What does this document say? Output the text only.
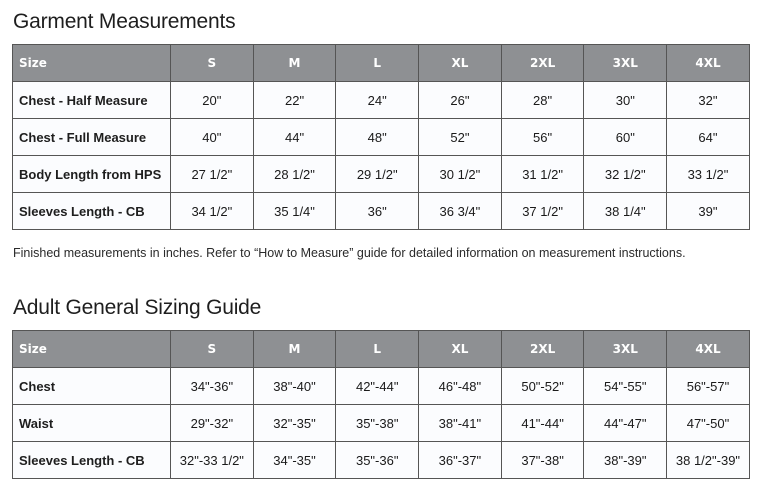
Garment Measurements
Size	S	M	L	XL	2XL	3XL	4XL
Chest - Half Measure	20"	22"	24"	26"	28"	30"	32"
Chest - Full Measure	40"	44"	48"	52"	56"	60"	64"
Body Length from HPS	27 1/2"	28 1/2"	29 1/2"	30 1/2"	31 1/2"	32 1/2"	33 1/2"
Sleeves Length - CB	34 1/2"	35 1/4"	36"	36 3/4"	37 1/2"	38 1/4"	39"

Finished measurements in inches. Refer to “How to Measure” guide for detailed information on measurement instructions.

Adult General Sizing Guide
Size	S	M	L	XL	2XL	3XL	4XL
Chest	34"-36"	38"-40"	42"-44"	46"-48"	50"-52"	54"-55"	56"-57"
Waist	29"-32"	32"-35"	35"-38"	38"-41"	41"-44"	44"-47"	47"-50"
Sleeves Length - CB	32"-33 1/2"	34"-35"	35"-36"	36"-37"	37"-38"	38"-39"	38 1/2"-39"
